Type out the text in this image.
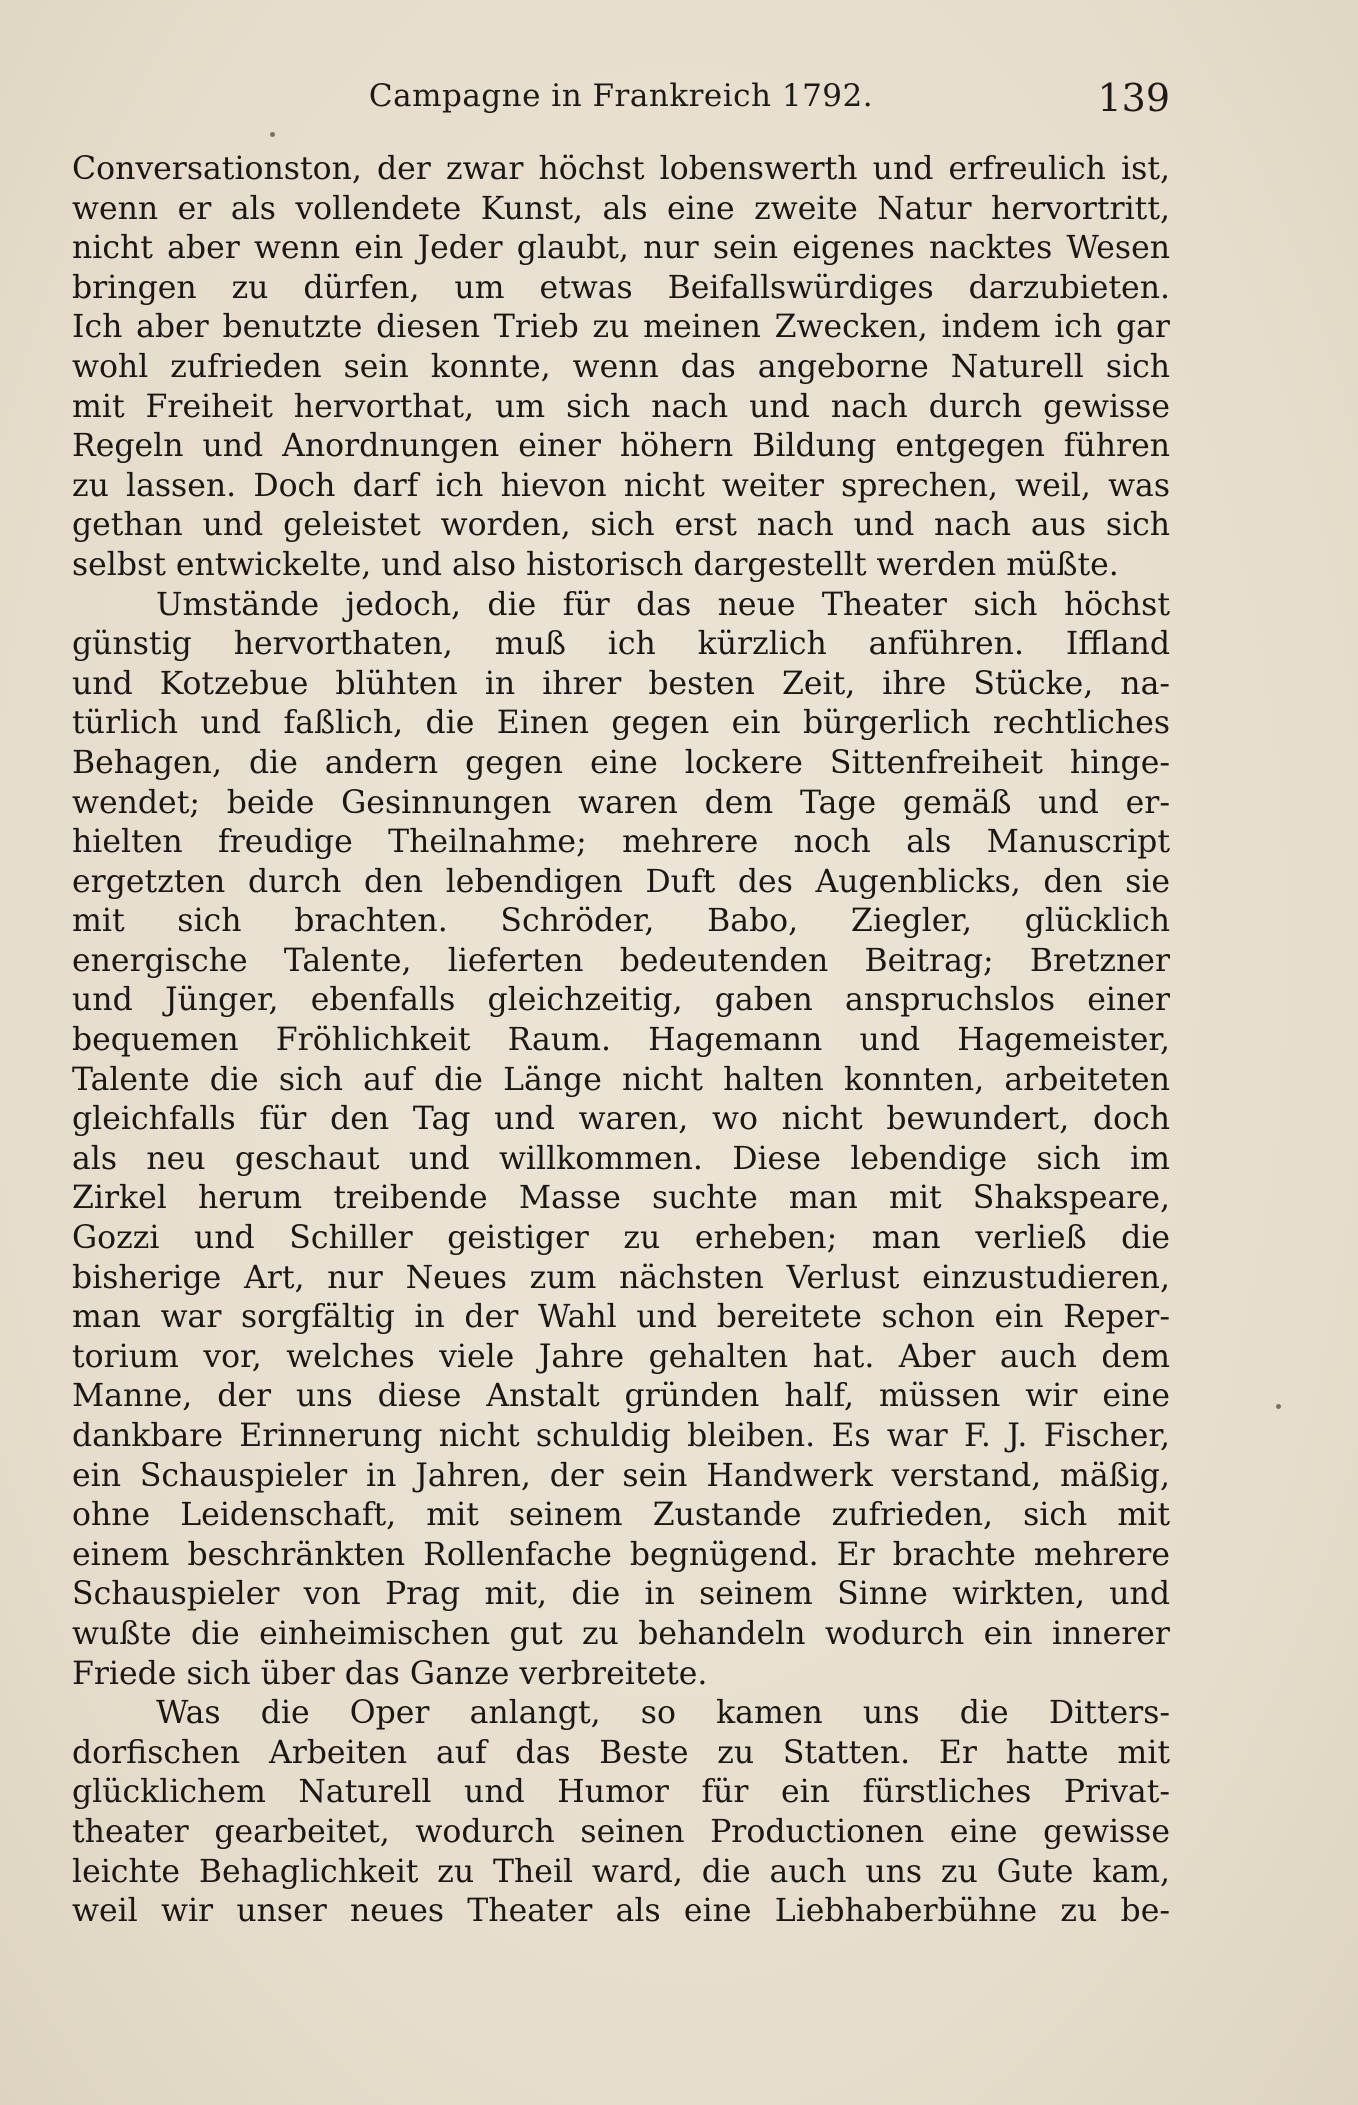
Campagne in Frankreich 1792.	139
Conversationston, der zwar höchst lobenswerth und erfreulich ist,
wenn er als vollendete Kunst, als eine zweite Natur hervortritt,
nicht aber wenn ein Jeder glaubt, nur sein eigenes nacktes Wesen
bringen zu dürfen, um etwas Beifallswürdiges darzubieten.
Ich aber benutzte diesen Trieb zu meinen Zwecken, indem ich gar
wohl zufrieden sein konnte, wenn das angeborne Naturell sich
mit Freiheit hervorthat, um sich nach und nach durch gewisse
Regeln und Anordnungen einer höhern Bildung entgegen führen
zu lassen. Doch darf ich hievon nicht weiter sprechen, weil, was
gethan und geleistet worden, sich erst nach und nach aus sich
selbst entwickelte, und also historisch dargestellt werden müßte.
Umstände jedoch, die für das neue Theater sich höchst
günstig hervorthaten, muß ich kürzlich anführen. Iffland
und Kotzebue blühten in ihrer besten Zeit, ihre Stücke, na-
türlich und faßlich, die Einen gegen ein bürgerlich rechtliches
Behagen, die andern gegen eine lockere Sittenfreiheit hinge-
wendet; beide Gesinnungen waren dem Tage gemäß und er-
hielten freudige Theilnahme; mehrere noch als Manuscript
ergetzten durch den lebendigen Duft des Augenblicks, den sie
mit sich brachten. Schröder, Babo, Ziegler, glücklich
energische Talente, lieferten bedeutenden Beitrag; Bretzner
und Jünger, ebenfalls gleichzeitig, gaben anspruchslos einer
bequemen Fröhlichkeit Raum. Hagemann und Hagemeister,
Talente die sich auf die Länge nicht halten konnten, arbeiteten
gleichfalls für den Tag und waren, wo nicht bewundert, doch
als neu geschaut und willkommen. Diese lebendige sich im
Zirkel herum treibende Masse suchte man mit Shakspeare,
Gozzi und Schiller geistiger zu erheben; man verließ die
bisherige Art, nur Neues zum nächsten Verlust einzustudieren,
man war sorgfältig in der Wahl und bereitete schon ein Reper-
torium vor, welches viele Jahre gehalten hat. Aber auch dem
Manne, der uns diese Anstalt gründen half, müssen wir eine
dankbare Erinnerung nicht schuldig bleiben. Es war F. J. Fischer,
ein Schauspieler in Jahren, der sein Handwerk verstand, mäßig,
ohne Leidenschaft, mit seinem Zustande zufrieden, sich mit
einem beschränkten Rollenfache begnügend. Er brachte mehrere
Schauspieler von Prag mit, die in seinem Sinne wirkten, und
wußte die einheimischen gut zu behandeln wodurch ein innerer
Friede sich über das Ganze verbreitete.
Was die Oper anlangt, so kamen uns die Ditters-
dorfischen Arbeiten auf das Beste zu Statten. Er hatte mit
glücklichem Naturell und Humor für ein fürstliches Privat-
theater gearbeitet, wodurch seinen Productionen eine gewisse
leichte Behaglichkeit zu Theil ward, die auch uns zu Gute kam,
weil wir unser neues Theater als eine Liebhaberbühne zu be-
